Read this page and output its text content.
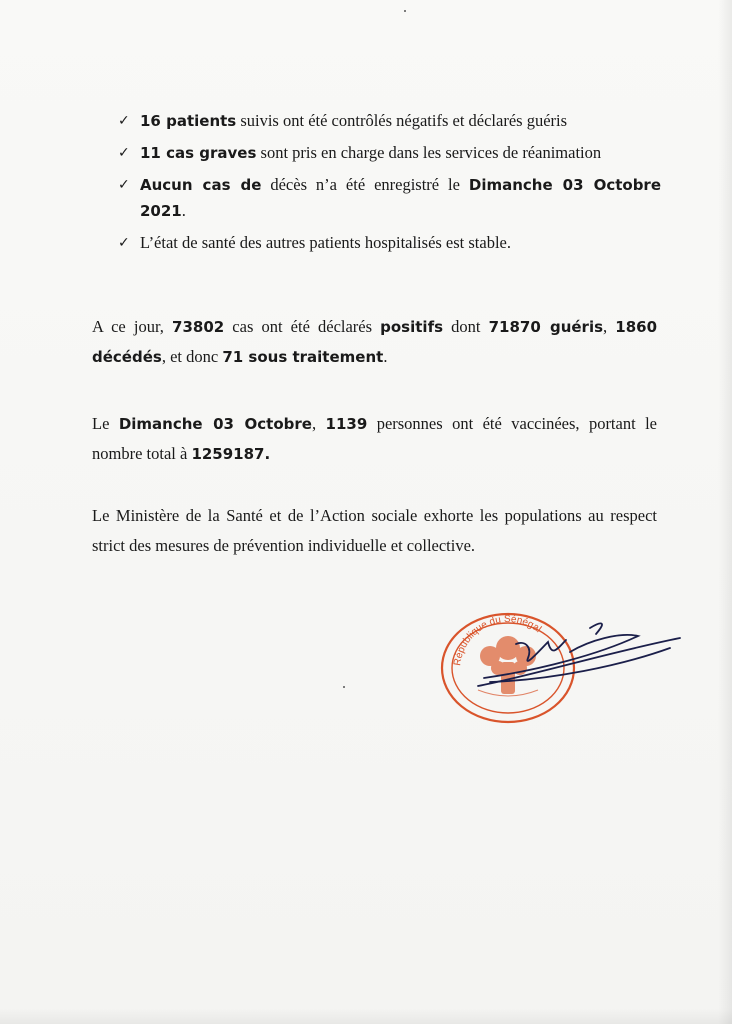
✓ 16 patients suivis ont été contrôlés négatifs et déclarés guéris
✓ 11 cas graves sont pris en charge dans les services de réanimation
✓ Aucun cas de décès n’a été enregistré le Dimanche 03 Octobre 2021.
✓ L’état de santé des autres patients hospitalisés est stable.

A ce jour, 73802 cas ont été déclarés positifs dont 71870 guéris, 1860 décédés, et donc 71 sous traitement.

Le Dimanche 03 Octobre, 1139 personnes ont été vaccinées, portant le nombre total à 1259187.

Le Ministère de la Santé et de l’Action sociale exhorte les populations au respect strict des mesures de prévention individuelle et collective.

République du Sénégal
